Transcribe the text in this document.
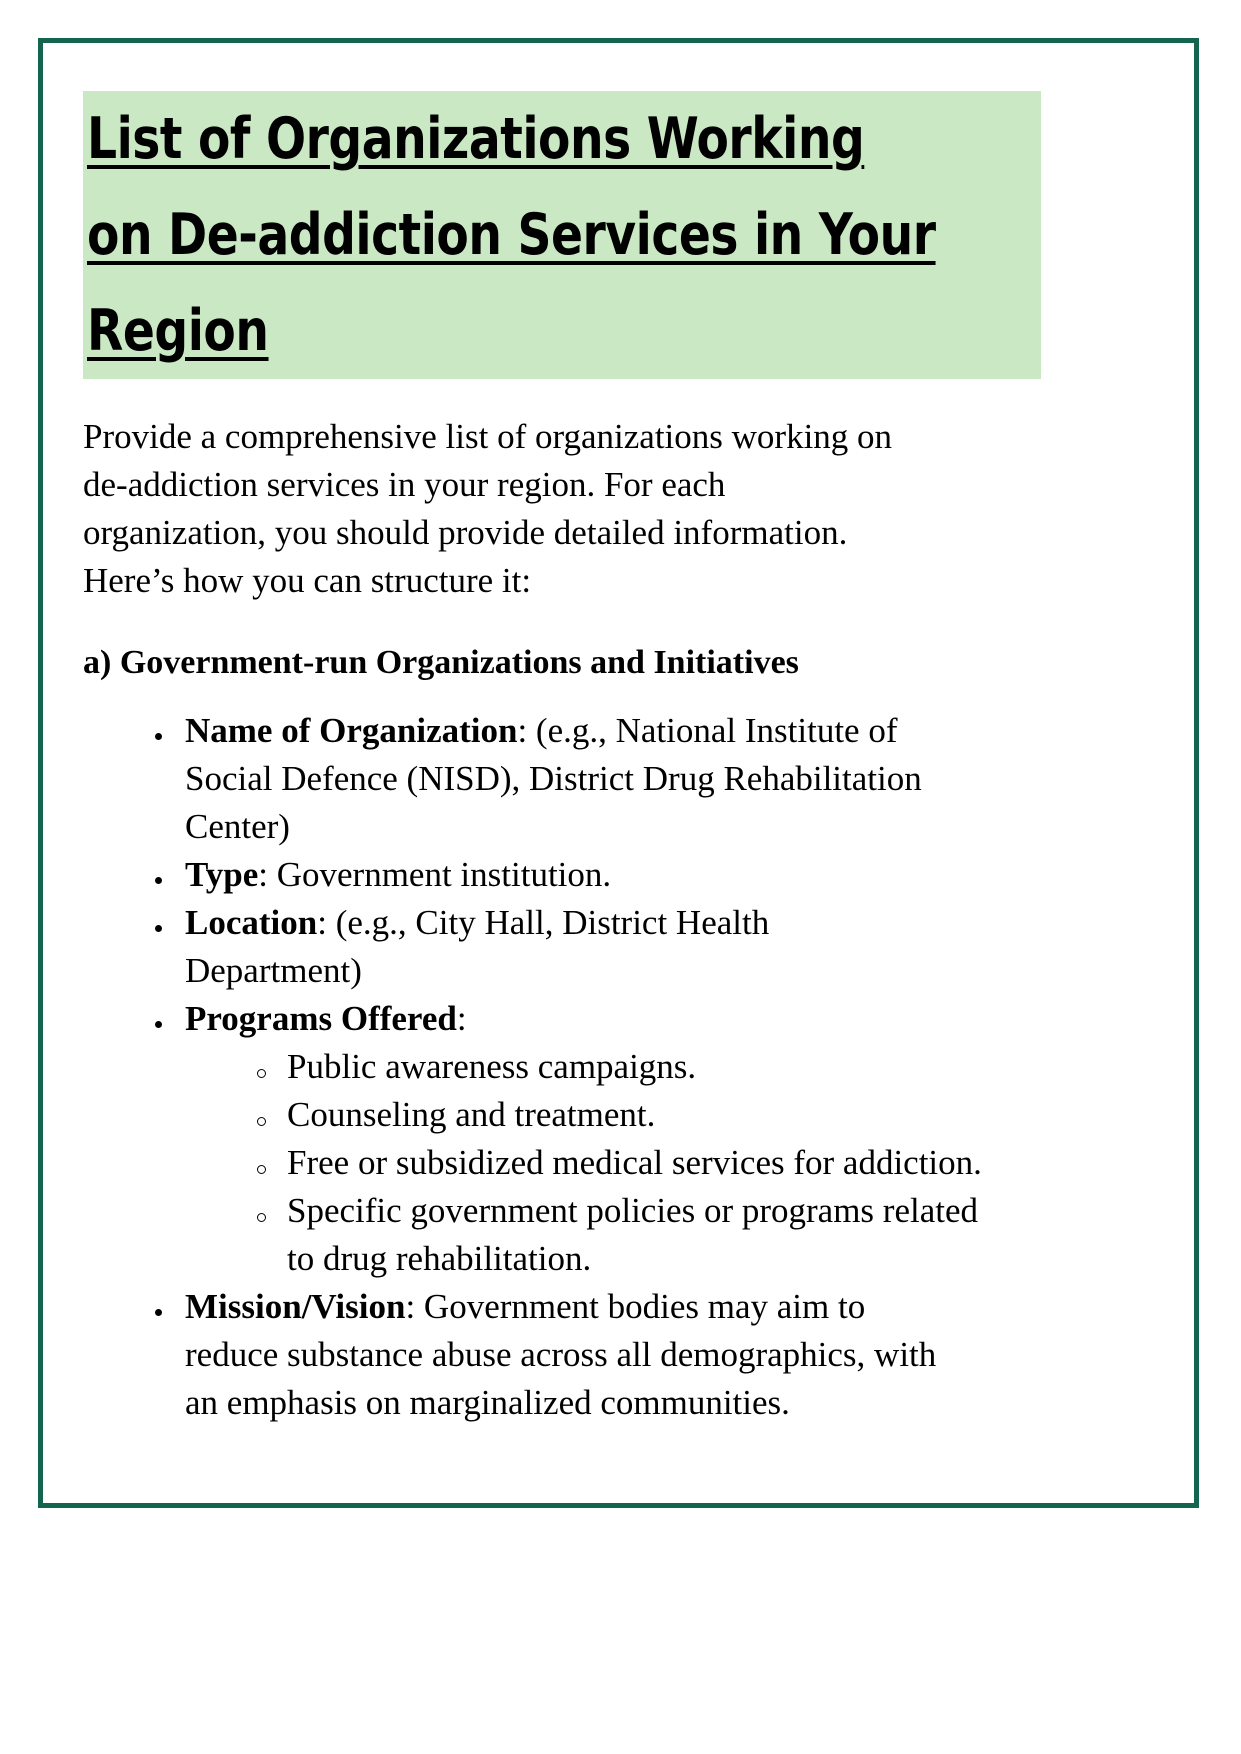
List of Organizations Working
on De-addiction Services in Your
Region

Provide a comprehensive list of organizations working on
de-addiction services in your region. For each
organization, you should provide detailed information.
Here’s how you can structure it:

a) Government-run Organizations and Initiatives

Name of Organization: (e.g., National Institute of
Social Defence (NISD), District Drug Rehabilitation
Center)
Type: Government institution.
Location: (e.g., City Hall, District Health
Department)
Programs Offered:
Public awareness campaigns.
Counseling and treatment.
Free or subsidized medical services for addiction.
Specific government policies or programs related
to drug rehabilitation.
Mission/Vision: Government bodies may aim to
reduce substance abuse across all demographics, with
an emphasis on marginalized communities.
